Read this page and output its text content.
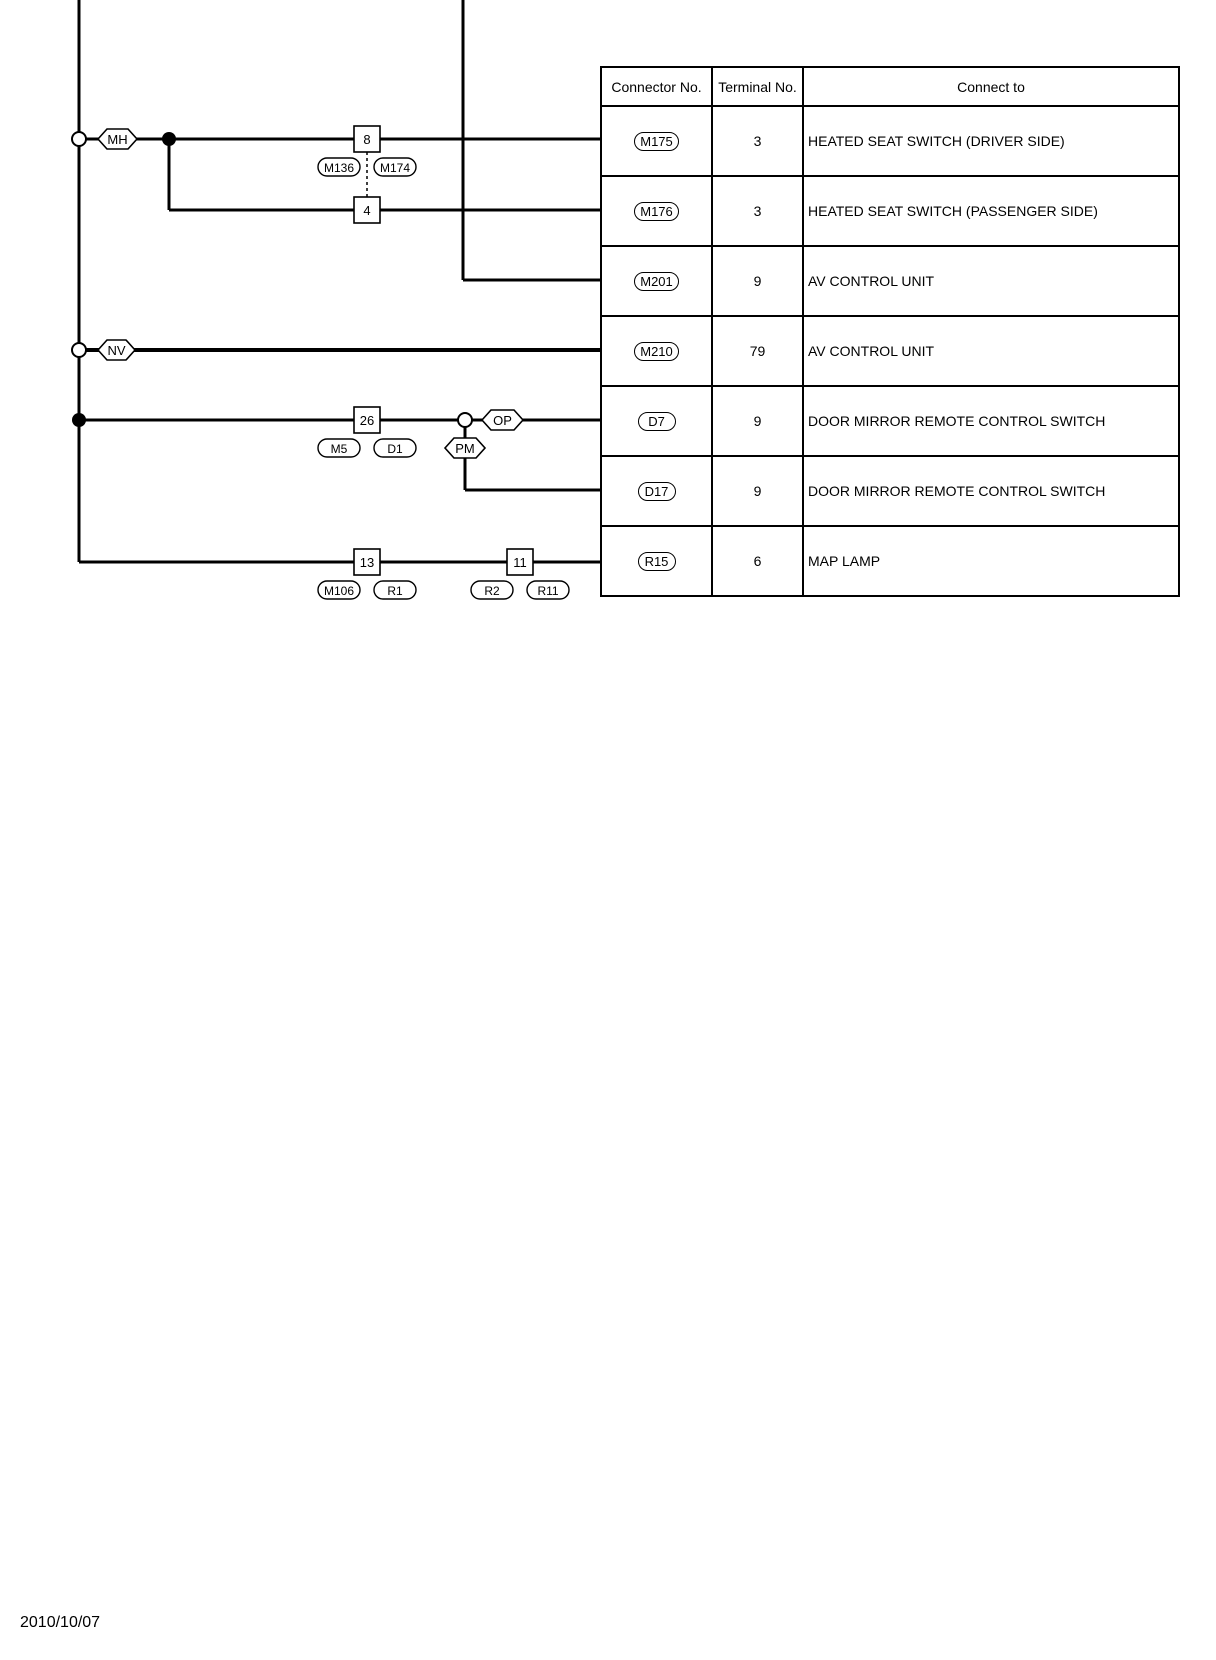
MH
NV
OP
PM
8
4
26
13	11
M136 M174
M5	D1
M106	R1	R2	R11
Connector No.	Terminal No.	Connect to
M175	3	HEATED SEAT SWITCH (DRIVER SIDE)
M176	3	HEATED SEAT SWITCH (PASSENGER SIDE)
M201	9	AV CONTROL UNIT
M210	79	AV CONTROL UNIT
D7	9	DOOR MIRROR REMOTE CONTROL SWITCH
D17	9	DOOR MIRROR REMOTE CONTROL SWITCH
R15	6	MAP LAMP
2010/10/07
